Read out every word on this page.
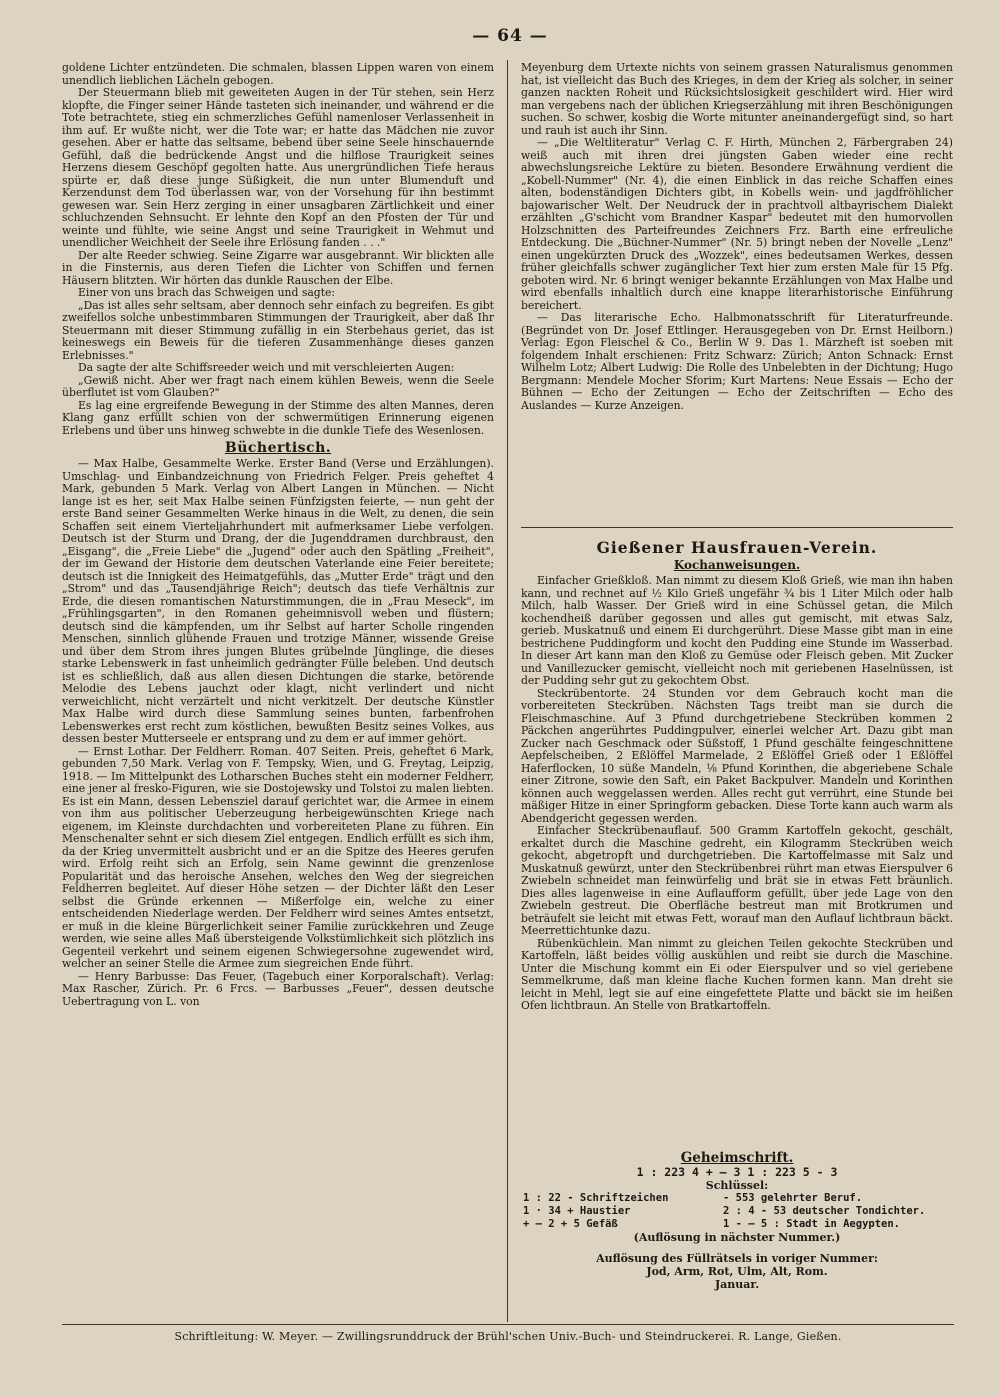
— 64 —

goldene Lichter entzündeten. Die schmalen, blassen Lippen waren von einem unendlich lieblichen Lächeln gebogen.

Der Steuermann blieb mit geweiteten Augen in der Tür stehen, sein Herz klopfte, die Finger seiner Hände tasteten sich ineinander, und während er die Tote betrachtete, stieg ein schmerzliches Gefühl namenloser Verlassenheit in ihm auf. Er wußte nicht, wer die Tote war; er hatte das Mädchen nie zuvor gesehen. Aber er hatte das seltsame, bebend über seine Seele hinschauernde Gefühl, daß die bedrückende Angst und die hilflose Traurigkeit seines Herzens diesem Geschöpf gegolten hatte. Aus unergründlichen Tiefe heraus spürte er, daß diese junge Süßigkeit, die nun unter Blumenduft und Kerzendunst dem Tod überlassen war, von der Vorsehung für ihn bestimmt gewesen war. Sein Herz zerging in einer unsagbaren Zärtlichkeit und einer schluchzenden Sehnsucht. Er lehnte den Kopf an den Pfosten der Tür und weinte und fühlte, wie seine Angst und seine Traurigkeit in Wehmut und unendlicher Weichheit der Seele ihre Erlösung fanden . . ."

Der alte Reeder schwieg. Seine Zigarre war ausgebrannt. Wir blickten alle in die Finsternis, aus deren Tiefen die Lichter von Schiffen und fernen Häusern blitzten. Wir hörten das dunkle Rauschen der Elbe.

Einer von uns brach das Schweigen und sagte:

„Das ist alles sehr seltsam, aber dennoch sehr einfach zu begreifen. Es gibt zweifellos solche unbestimmbaren Stimmungen der Traurigkeit, aber daß Ihr Steuermann mit dieser Stimmung zufällig in ein Sterbehaus geriet, das ist keineswegs ein Beweis für die tieferen Zusammenhänge dieses ganzen Erlebnisses."

Da sagte der alte Schiffsreeder weich und mit verschleierten Augen:

„Gewiß nicht. Aber wer fragt nach einem kühlen Beweis, wenn die Seele überflutet ist vom Glauben?"

Es lag eine ergreifende Bewegung in der Stimme des alten Mannes, deren Klang ganz erfüllt schien von der schwermütigen Erinnerung eigenen Erlebens und über uns hinweg schwebte in die dunkle Tiefe des Wesenlosen.

Büchertisch.

— Max Halbe, Gesammelte Werke. Erster Band (Verse und Erzählungen). Umschlag- und Einbandzeichnung von Friedrich Felger. Preis geheftet 4 Mark, gebunden 5 Mark. Verlag von Albert Langen in München. — Nicht lange ist es her, seit Max Halbe seinen Fünfzigsten feierte, — nun geht der erste Band seiner Gesammelten Werke hinaus in die Welt, zu denen, die sein Schaffen seit einem Vierteljahrhundert mit aufmerksamer Liebe verfolgen. Deutsch ist der Sturm und Drang, der die Jugenddramen durchbraust, den „Eisgang", die „Freie Liebe" die „Jugend" oder auch den Spätling „Freiheit", der im Gewand der Historie dem deutschen Vaterlande eine Feier bereitete; deutsch ist die Innigkeit des Heimatgefühls, das „Mutter Erde" trägt und den „Strom" und das „Tausendjährige Reich"; deutsch das tiefe Verhältnis zur Erde, die diesen romantischen Naturstimmungen, die in „Frau Meseck", im „Frühlingsgarten", in den Romanen geheimnisvoll weben und flüstern; deutsch sind die kämpfenden, um ihr Selbst auf harter Scholle ringenden Menschen, sinnlich glühende Frauen und trotzige Männer, wissende Greise und über dem Strom ihres jungen Blutes grübelnde Jünglinge, die dieses starke Lebenswerk in fast unheimlich gedrängter Fülle beleben. Und deutsch ist es schließlich, daß aus allen diesen Dichtungen die starke, betörende Melodie des Lebens jauchzt oder klagt, nicht verlindert und nicht verweichlicht, nicht verzärtelt und nicht verkitzelt. Der deutsche Künstler Max Halbe wird durch diese Sammlung seines bunten, farbenfrohen Lebenswerkes erst recht zum köstlichen, bewußten Besitz seines Volkes, aus dessen bester Mutterseele er entsprang und zu dem er auf immer gehört.

— Ernst Lothar. Der Feldherr. Roman. 407 Seiten. Preis, geheftet 6 Mark, gebunden 7,50 Mark. Verlag von F. Tempsky, Wien, und G. Freytag, Leipzig, 1918. — Im Mittelpunkt des Lotharschen Buches steht ein moderner Feldherr, eine jener al fresko-Figuren, wie sie Dostojewsky und Tolstoi zu malen liebten. Es ist ein Mann, dessen Lebensziel darauf gerichtet war, die Armee in einem von ihm aus politischer Ueberzeugung herbeigewünschten Kriege nach eigenem, im Kleinste durchdachten und vorbereiteten Plane zu führen. Ein Menschenalter sehnt er sich diesem Ziel entgegen. Endlich erfüllt es sich ihm, da der Krieg unvermittelt ausbricht und er an die Spitze des Heeres gerufen wird. Erfolg reiht sich an Erfolg, sein Name gewinnt die grenzenlose Popularität und das heroische Ansehen, welches den Weg der siegreichen Feldherren begleitet. Auf dieser Höhe setzen — der Dichter läßt den Leser selbst die Gründe erkennen — Mißerfolge ein, welche zu einer entscheidenden Niederlage werden. Der Feldherr wird seines Amtes entsetzt, er muß in die kleine Bürgerlichkeit seiner Familie zurückkehren und Zeuge werden, wie seine alles Maß übersteigende Volkstümlichkeit sich plötzlich ins Gegenteil verkehrt und seinem eigenen Schwiegersohne zugewendet wird, welcher an seiner Stelle die Armee zum siegreichen Ende führt.

— Henry Barbusse: Das Feuer, (Tagebuch einer Korporalschaft). Verlag: Max Rascher, Zürich. Pr. 6 Frcs. — Barbusses „Feuer", dessen deutsche Uebertragung von L. von

Meyenburg dem Urtexte nichts von seinem grassen Naturalismus genommen hat, ist vielleicht das Buch des Krieges, in dem der Krieg als solcher, in seiner ganzen nackten Roheit und Rücksichtslosigkeit geschildert wird. Hier wird man vergebens nach der üblichen Kriegserzählung mit ihren Beschönigungen suchen. So schwer, kosbig die Worte mitunter aneinandergefügt sind, so hart und rauh ist auch ihr Sinn.

— „Die Weltliteratur" Verlag C. F. Hirth, München 2, Färbergraben 24) weiß auch mit ihren drei jüngsten Gaben wieder eine recht abwechslungsreiche Lektüre zu bieten. Besondere Erwähnung verdient die „Kobell-Nummer" (Nr. 4), die einen Einblick in das reiche Schaffen eines alten, bodenständigen Dichters gibt, in Kobells wein- und jagdfröhlicher bajowarischer Welt. Der Neudruck der in prachtvoll altbayrischem Dialekt erzählten „G'schicht vom Brandner Kaspar" bedeutet mit den humorvollen Holzschnitten des Parteifreundes Zeichners Frz. Barth eine erfreuliche Entdeckung. Die „Büchner-Nummer" (Nr. 5) bringt neben der Novelle „Lenz" einen ungekürzten Druck des „Wozzek", eines bedeutsamen Werkes, dessen früher gleichfalls schwer zugänglicher Text hier zum ersten Male für 15 Pfg. geboten wird. Nr. 6 bringt weniger bekannte Erzählungen von Max Halbe und wird ebenfalls inhaltlich durch eine knappe literarhistorische Einführung bereichert.

— Das literarische Echo. Halbmonatsschrift für Literaturfreunde. (Begründet von Dr. Josef Ettlinger. Herausgegeben von Dr. Ernst Heilborn.) Verlag: Egon Fleischel & Co., Berlin W 9. Das 1. Märzheft ist soeben mit folgendem Inhalt erschienen: Fritz Schwarz: Zürich; Anton Schnack: Ernst Wilhelm Lotz; Albert Ludwig: Die Rolle des Unbelebten in der Dichtung; Hugo Bergmann: Mendele Mocher Sforim; Kurt Martens: Neue Essais — Echo der Bühnen — Echo der Zeitungen — Echo der Zeitschriften — Echo des Auslandes — Kurze Anzeigen.

Gießener Hausfrauen-Verein.
Kochanweisungen.

Einfacher Grießkloß. Man nimmt zu diesem Kloß Grieß, wie man ihn haben kann, und rechnet auf ½ Kilo Grieß ungefähr ¾ bis 1 Liter Milch oder halb Milch, halb Wasser. Der Grieß wird in eine Schüssel getan, die Milch kochendheiß darüber gegossen und alles gut gemischt, mit etwas Salz, gerieb. Muskatnuß und einem Ei durchgerührt. Diese Masse gibt man in eine bestrichene Puddingform und kocht den Pudding eine Stunde im Wasserbad. In dieser Art kann man den Kloß zu Gemüse oder Fleisch geben. Mit Zucker und Vanillezucker gemischt, vielleicht noch mit geriebenen Haselnüssen, ist der Pudding sehr gut zu gekochtem Obst.

Steckrübentorte. 24 Stunden vor dem Gebrauch kocht man die vorbereiteten Steckrüben. Nächsten Tags treibt man sie durch die Fleischmaschine. Auf 3 Pfund durchgetriebene Steckrüben kommen 2 Päckchen angerührtes Puddingpulver, einerlei welcher Art. Dazu gibt man Zucker nach Geschmack oder Süßstoff, 1 Pfund geschälte feingeschnittene Aepfelscheiben, 2 Eßlöffel Marmelade, 2 Eßlöffel Grieß oder 1 Eßlöffel Haferflocken, 10 süße Mandeln, ⅛ Pfund Korinthen, die abgeriebene Schale einer Zitrone, sowie den Saft, ein Paket Backpulver. Mandeln und Korinthen können auch weggelassen werden. Alles recht gut verrührt, eine Stunde bei mäßiger Hitze in einer Springform gebacken. Diese Torte kann auch warm als Abendgericht gegessen werden.

Einfacher Steckrübenauflauf. 500 Gramm Kartoffeln gekocht, geschält, erkaltet durch die Maschine gedreht, ein Kilogramm Steckrüben weich gekocht, abgetropft und durchgetrieben. Die Kartoffelmasse mit Salz und Muskatnuß gewürzt, unter den Steckrübenbrei rührt man etwas Eierspulver 6 Zwiebeln schneidet man feinwürfelig und brät sie in etwas Fett bräunlich. Dies alles lagenweise in eine Auflaufform gefüllt, über jede Lage von den Zwiebeln gestreut. Die Oberfläche bestreut man mit Brotkrumen und beträufelt sie leicht mit etwas Fett, worauf man den Auflauf lichtbraun bäckt. Meerrettichtunke dazu.

Rübenküchlein. Man nimmt zu gleichen Teilen gekochte Steckrüben und Kartoffeln, läßt beides völlig auskühlen und reibt sie durch die Maschine. Unter die Mischung kommt ein Ei oder Eierspulver und so viel geriebene Semmelkrume, daß man kleine flache Kuchen formen kann. Man dreht sie leicht in Mehl, legt sie auf eine eingefettete Platte und bäckt sie im heißen Ofen lichtbraun. An Stelle von Bratkartoffeln.

Geheimschrift.
1 : 223 4 + — 3 1 : 223 5 - 3
Schlüssel:
1 : 22 - Schriftzeichen	- 553 gelehrter Beruf.
1 · 34 + Haustier	2 : 4 - 53 deutscher Tondichter.
+ — 2 + 5 Gefäß	1 - — 5 : Stadt in Aegypten.
(Auflösung in nächster Nummer.)
Auflösung des Füllrätsels in voriger Nummer:
Jod, Arm, Rot, Ulm, Alt, Rom.
Januar.
Schriftleitung: W. Meyer. — Zwillingsrunddruck der Brühl'schen Univ.-Buch- und Steindruckerei. R. Lange, Gießen.
